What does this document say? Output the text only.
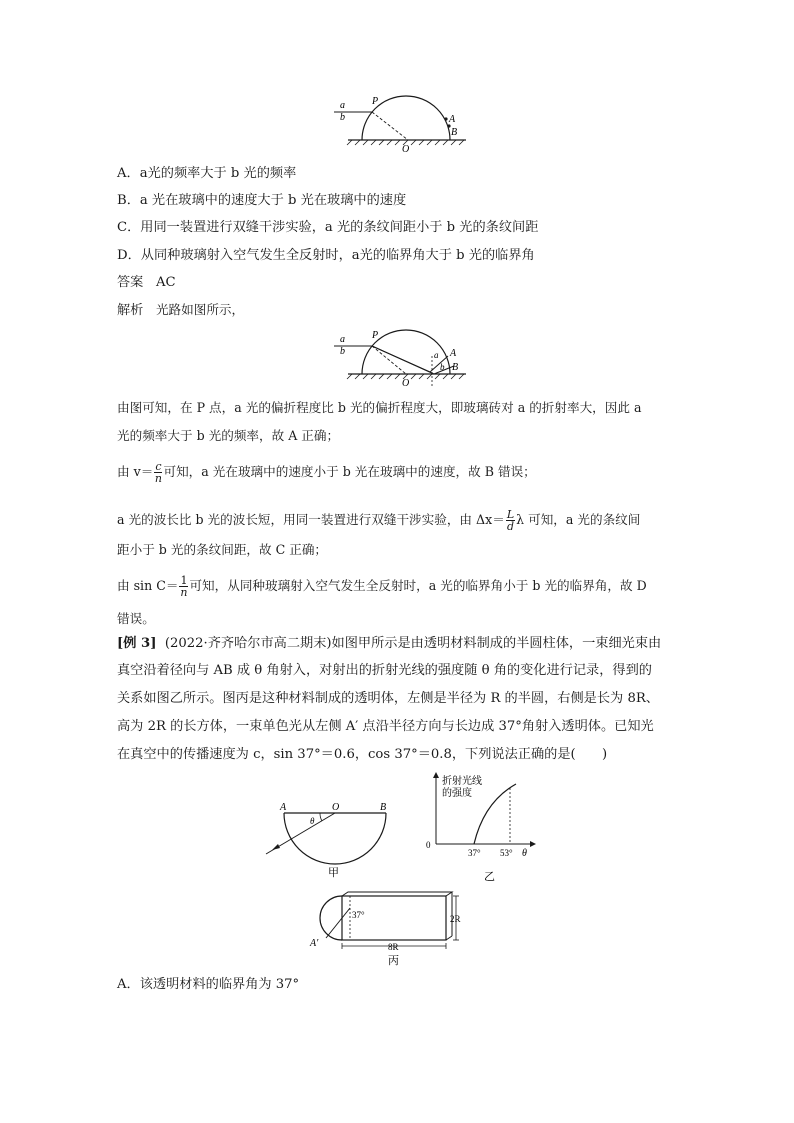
a
b
P
A
B
O
A．a光的频率大于 b 光的频率
B．a 光在玻璃中的速度大于 b 光在玻璃中的速度
C．用同一装置进行双缝干涉实验，a 光的条纹间距小于 b 光的条纹间距
D．从同种玻璃射入空气发生全反射时，a光的临界角大于 b 光的临界角
答案 AC
解析 光路如图所示，
a
b
P
A
B
O
a
b
由图可知，在 P 点，a 光的偏折程度比 b 光的偏折程度大，即玻璃砖对 a 的折射率大，因此 a
光的频率大于 b 光的频率，故 A 正确；
由 $v= \frac{c}{n}$ 可知，a 光在玻璃中的速度小于 b 光在玻璃中的速度，故 B 错误；
a 光的波长比 b 光的波长短，用同一装置进行双缝干涉实验，由 $\Delta x= \frac{L}{d}$ λ 可知，a 光的条纹间
距小于 b 光的条纹间距，故 C 正确；
由 $\sin C= \frac{1}{n}$ 可知，从同种玻璃射入空气发生全反射时，a 光的临界角小于 b 光的临界角，故 D
错误。
[例 3] (2022·齐齐哈尔市高二期末)如图甲所示是由透明材料制成的半圆柱体，一束细光束由
真空沿着径向与 AB 成 θ 角射入，对射出的折射光线的强度随 θ 角的变化进行记录，得到的
关系如图乙所示。图丙是这种材料制成的透明体，左侧是半径为 R 的半圆，右侧是长为 8R、
高为 2R 的长方体，一束单色光从左侧 A′ 点沿半径方向与长边成 37°角射入透明体。已知光
在真空中的传播速度为 c，sin 37°＝0.6，cos 37°＝0.8，下列说法正确的是(　　)
A	O	B
θ
甲
折射光线
的强度
0
37° 53° θ
乙
37°	2R
8R
A′
丙
A．该透明材料的临界角为 37°
